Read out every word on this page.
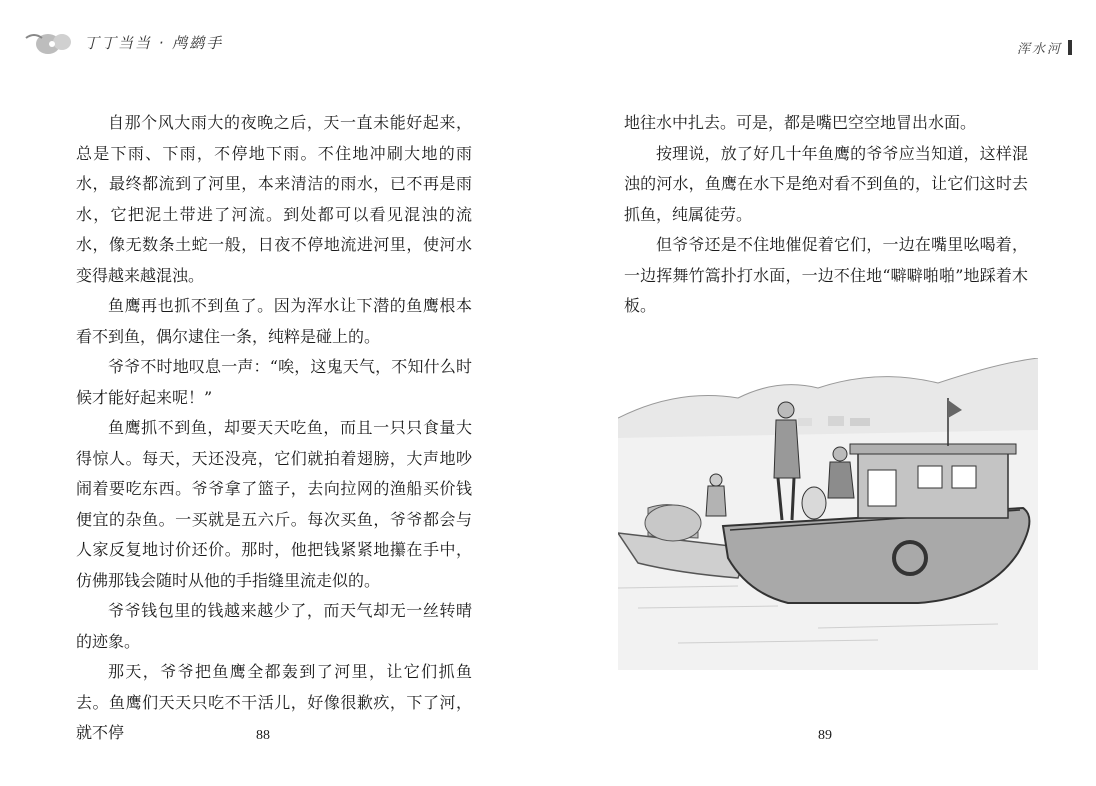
丁丁当当 · 鸬鹚手

自那个风大雨大的夜晚之后，天一直未能好起来，总是下雨、下雨，不停地下雨。不住地冲刷大地的雨水，最终都流到了河里，本来清洁的雨水，已不再是雨水，它把泥土带进了河流。到处都可以看见混浊的流水，像无数条土蛇一般，日夜不停地流进河里，使河水变得越来越混浊。

鱼鹰再也抓不到鱼了。因为浑水让下潜的鱼鹰根本看不到鱼，偶尔逮住一条，纯粹是碰上的。

爷爷不时地叹息一声：“唉，这鬼天气，不知什么时候才能好起来呢！”

鱼鹰抓不到鱼，却要天天吃鱼，而且一只只食量大得惊人。每天，天还没亮，它们就拍着翅膀，大声地吵闹着要吃东西。爷爷拿了篮子，去向拉网的渔船买价钱便宜的杂鱼。一买就是五六斤。每次买鱼，爷爷都会与人家反复地讨价还价。那时，他把钱紧紧地攥在手中，仿佛那钱会随时从他的手指缝里流走似的。

爷爷钱包里的钱越来越少了，而天气却无一丝转晴的迹象。

那天，爷爷把鱼鹰全都轰到了河里，让它们抓鱼去。鱼鹰们天天只吃不干活儿，好像很歉疚，下了河，就不停	88
浑水河

地往水中扎去。可是，都是嘴巴空空地冒出水面。

按理说，放了好几十年鱼鹰的爷爷应当知道，这样混浊的河水，鱼鹰在水下是绝对看不到鱼的，让它们这时去抓鱼，纯属徒劳。

但爷爷还是不住地催促着它们，一边在嘴里吆喝着，一边挥舞竹篙扑打水面，一边不住地“噼噼啪啪”地踩着木板。

89
